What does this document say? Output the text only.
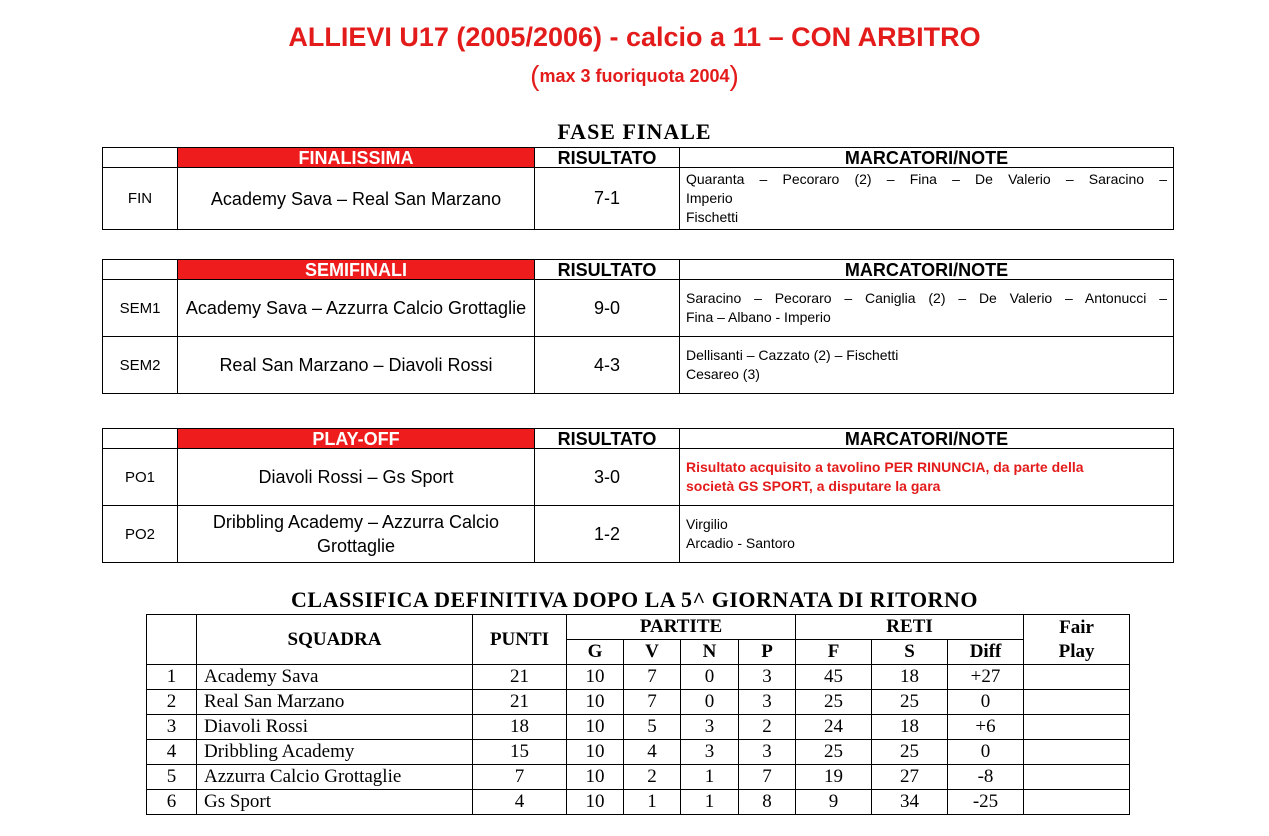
ALLIEVI U17 (2005/2006) - calcio a 11 – CON ARBITRO
(max 3 fuoriquota 2004)
FASE FINALE
	FINALISSIMA	RISULTATO	MARCATORI/NOTE
FIN	Academy Sava – Real San Marzano	7-1	Quaranta – Pecoraro (2) – Fina – De Valerio – Saracino –
Imperio
Fischetti
	SEMIFINALI	RISULTATO	MARCATORI/NOTE
SEM1	Academy Sava – Azzurra Calcio Grottaglie	9-0	Saracino – Pecoraro – Caniglia (2) – De Valerio – Antonucci –
Fina – Albano - Imperio

SEM2	Real San Marzano – Diavoli Rossi	4-3	Dellisanti – Cazzato (2) – Fischetti
Cesareo (3)
	PLAY-OFF	RISULTATO	MARCATORI/NOTE
PO1	Diavoli Rossi – Gs Sport	3-0	Risultato acquisito a tavolino PER RINUNCIA, da parte della
società GS SPORT, a disputare la gara

PO2	Dribbling Academy – Azzurra Calcio Grottaglie	1-2	Virgilio
Arcadio - Santoro
CLASSIFICA DEFINITIVA DOPO LA 5^ GIORNATA DI RITORNO
	SQUADRA	PUNTI	PARTITE				RETI			Fair
Play

			G	V	N	P	F	S	Diff	
1	Academy Sava	21	10	7	0	3	45	18	+27	
2	Real San Marzano	21	10	7	0	3	25	25	0	
3	Diavoli Rossi	18	10	5	3	2	24	18	+6	
4	Dribbling Academy	15	10	4	3	3	25	25	0	
5	Azzurra Calcio Grottaglie	7	10	2	1	7	19	27	-8	
6	Gs Sport	4	10	1	1	8	9	34	-25	
